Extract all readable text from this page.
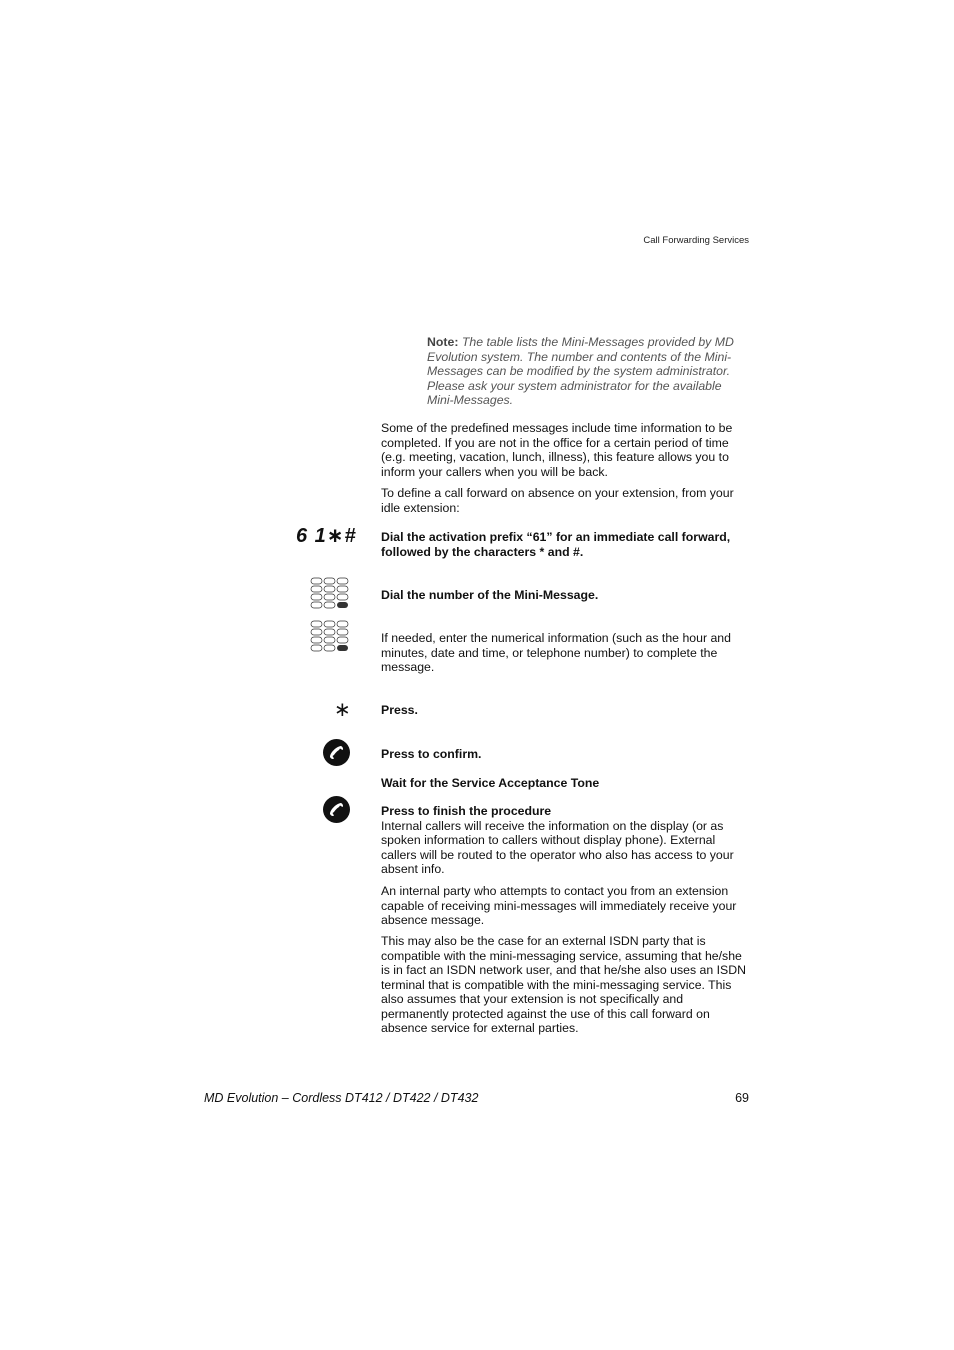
Call Forwarding Services
Note: The table lists the Mini-Messages provided by MD Evolution system. The number and contents of the Mini-Messages can be modified by the system administrator. Please ask your system administrator for the available Mini-Messages.
Some of the predefined messages include time information to be completed. If you are not in the office for a certain period of time (e.g. meeting, vacation, lunch, illness), this feature allows you to inform your callers when you will be back.
To define a call forward on absence on your extension, from your idle extension:
6 1∗# Dial the activation prefix “61” for an immediate call forward, followed by the characters * and #.
Dial the number of the Mini-Message.
If needed, enter the numerical information (such as the hour and minutes, date and time, or telephone number) to complete the message.
∗ Press.
Press to confirm.
Wait for the Service Acceptance Tone
Press to finish the procedure
Internal callers will receive the information on the display (or as spoken information to callers without display phone). External callers will be routed to the operator who also has access to your absent info.
An internal party who attempts to contact you from an extension capable of receiving mini-messages will immediately receive your absence message.
This may also be the case for an external ISDN party that is compatible with the mini-messaging service, assuming that he/she is in fact an ISDN network user, and that he/she also uses an ISDN terminal that is compatible with the mini-messaging service. This also assumes that your extension is not specifically and permanently protected against the use of this call forward on absence service for external parties.
MD Evolution – Cordless DT412 / DT422 / DT432	69
